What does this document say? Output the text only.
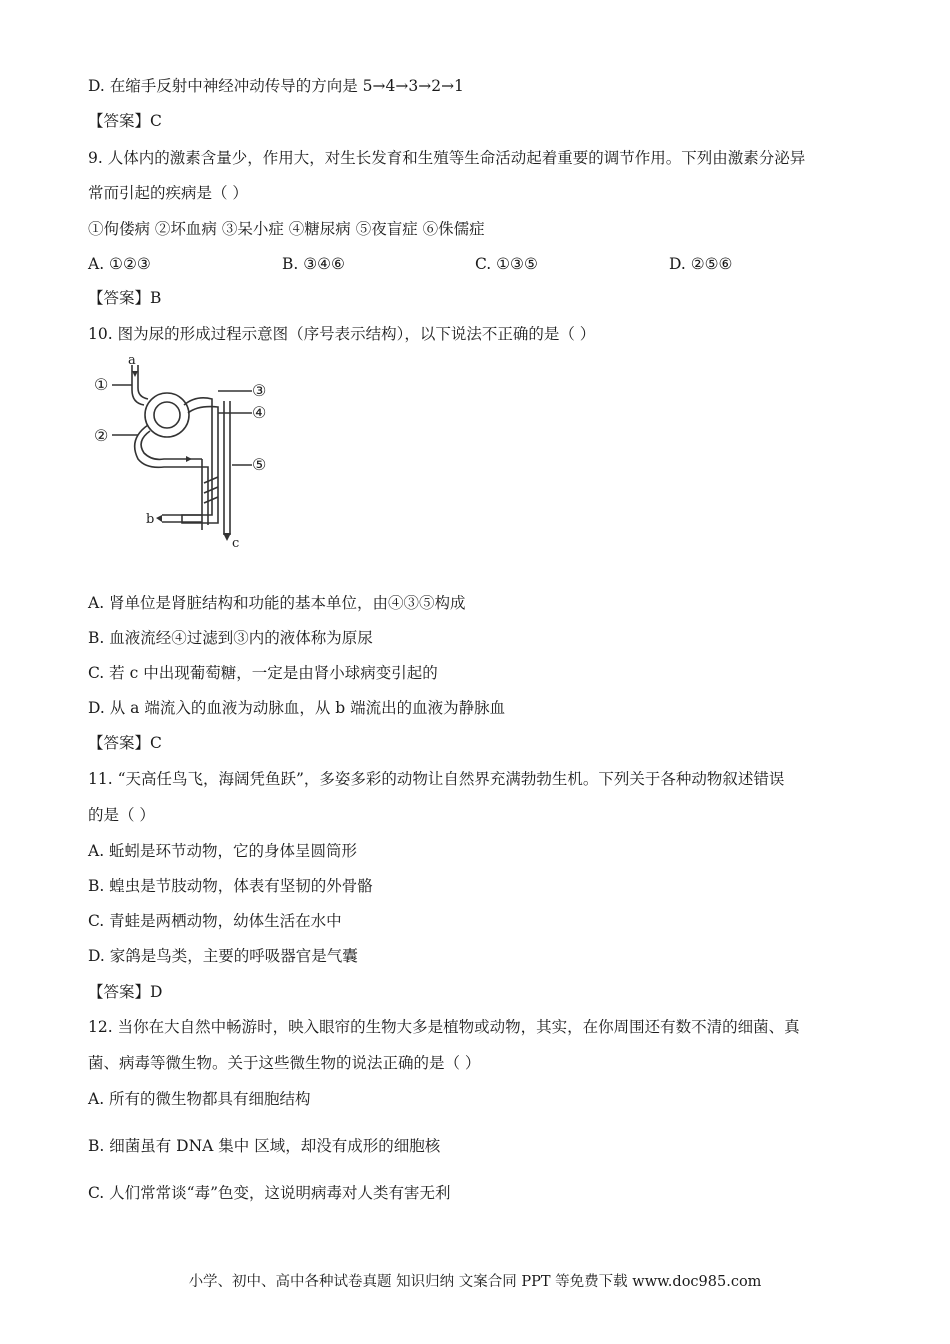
D. 在缩手反射中神经冲动传导的方向是 5→4→3→2→1
【答案】C
9. 人体内的激素含量少，作用大，对生长发育和生殖等生命活动起着重要的调节作用。下列由激素分泌异
常而引起的疾病是（ ）
①佝偻病 ②坏血病 ③呆小症 ④糖尿病 ⑤夜盲症 ⑥侏儒症
A. ①②③	B. ③④⑥	C. ①③⑤	D. ②⑤⑥
【答案】B
10. 图为尿的形成过程示意图（序号表示结构），以下说法不正确的是（ ）
a
b
c
①
②
③
④
⑤
A. 肾单位是肾脏结构和功能的基本单位，由④③⑤构成
B. 血液流经④过滤到③内的液体称为原尿
C. 若 c 中出现葡萄糖，一定是由肾小球病变引起的
D. 从 a 端流入的血液为动脉血，从 b 端流出的血液为静脉血
【答案】C
11. “天高任鸟飞，海阔凭鱼跃”，多姿多彩的动物让自然界充满勃勃生机。下列关于各种动物叙述错误
的是（ ）
A. 蚯蚓是环节动物，它的身体呈圆筒形
B. 蝗虫是节肢动物，体表有坚韧的外骨骼
C. 青蛙是两栖动物，幼体生活在水中
D. 家鸽是鸟类，主要的呼吸器官是气囊
【答案】D
12. 当你在大自然中畅游时，映入眼帘的生物大多是植物或动物，其实，在你周围还有数不清的细菌、真
菌、病毒等微生物。关于这些微生物的说法正确的是（ ）
A. 所有的微生物都具有细胞结构
B. 细菌虽有 DNA 集中 区域，却没有成形的细胞核
C. 人们常常谈“毒”色变，这说明病毒对人类有害无利
小学、初中、高中各种试卷真题 知识归纳 文案合同 PPT 等免费下载 www.doc985.com
